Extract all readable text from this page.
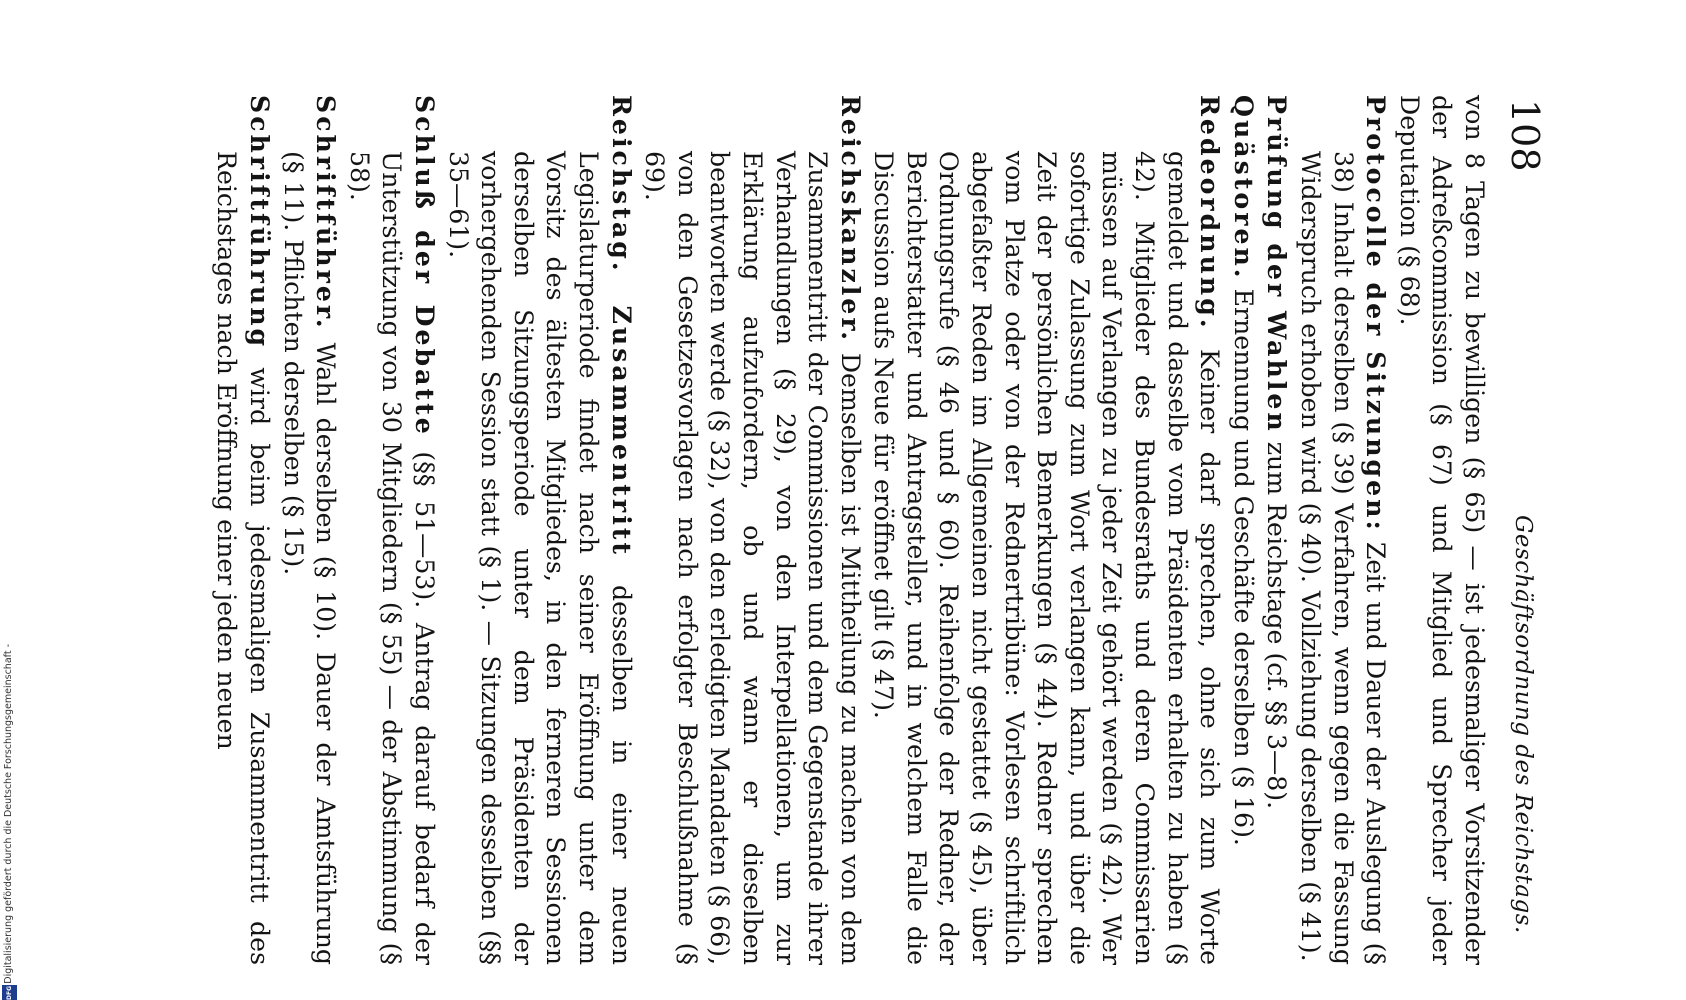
Digitalisierung gefördert durch die Deutsche Forschungsgemeinschaft -
DFG
108
Geschäftsordnung des Reichstags.

von 8 Tagen zu bewilligen (§ 65) — ist jedesmaliger Vorsitzender der Adreßcommission (§ 67) und Mitglied und Sprecher jeder Deputation (§ 68).

Protocolle der Sitzungen: Zeit und Dauer der Auslegung (§ 38) Inhalt derselben (§ 39) Verfahren, wenn gegen die Fassung Widerspruch erhoben wird (§ 40). Vollziehung derselben (§ 41).

Prüfung der Wahlen zum Reichstage (cf. §§ 3—8).

Quästoren. Ernennung und Geschäfte derselben (§ 16).

Redeordnung. Keiner darf sprechen, ohne sich zum Worte gemeldet und dasselbe vom Präsidenten erhalten zu haben (§ 42). Mitglieder des Bundesraths und deren Commissarien müssen auf Verlangen zu jeder Zeit gehört werden (§ 42). Wer sofortige Zulassung zum Wort verlangen kann, und über die Zeit der persönlichen Bemerkungen (§ 44). Redner sprechen vom Platze oder von der Rednertribüne: Vorlesen schriftlich abgefaßter Reden im Allgemeinen nicht gestattet (§ 45), über Ordnungsrufe (§ 46 und § 60). Reihenfolge der Redner, der Berichterstatter und Antragsteller, und in welchem Falle die Discussion aufs Neue für eröffnet gilt (§ 47).

Reichskanzler. Demselben ist Mittheilung zu machen von dem Zusammentritt der Commissionen und dem Gegenstande ihrer Verhandlungen (§ 29), von den Interpellationen, um zur Erklärung aufzufordern, ob und wann er dieselben beantworten werde (§ 32), von den erledigten Mandaten (§ 66), von den Gesetzesvorlagen nach erfolgter Beschlußnahme (§ 69).

Reichstag. Zusammentritt desselben in einer neuen Legislaturperiode findet nach seiner Eröffnung unter dem Vorsitz des ältesten Mitgliedes, in den ferneren Sessionen derselben Sitzungsperiode unter dem Präsidenten der vorhergehenden Session statt (§ 1). — Sitzungen desselben (§§ 35—61).

Schluß der Debatte (§§ 51—53). Antrag darauf bedarf der Unterstützung von 30 Mitgliedern (§ 55) — der Abstimmung (§ 58).

Schriftführer. Wahl derselben (§ 10). Dauer der Amtsführung (§ 11). Pflichten derselben (§ 15).

Schriftführung wird beim jedesmaligen Zusammentritt des Reichstages nach Eröffnung einer jeden neuen
